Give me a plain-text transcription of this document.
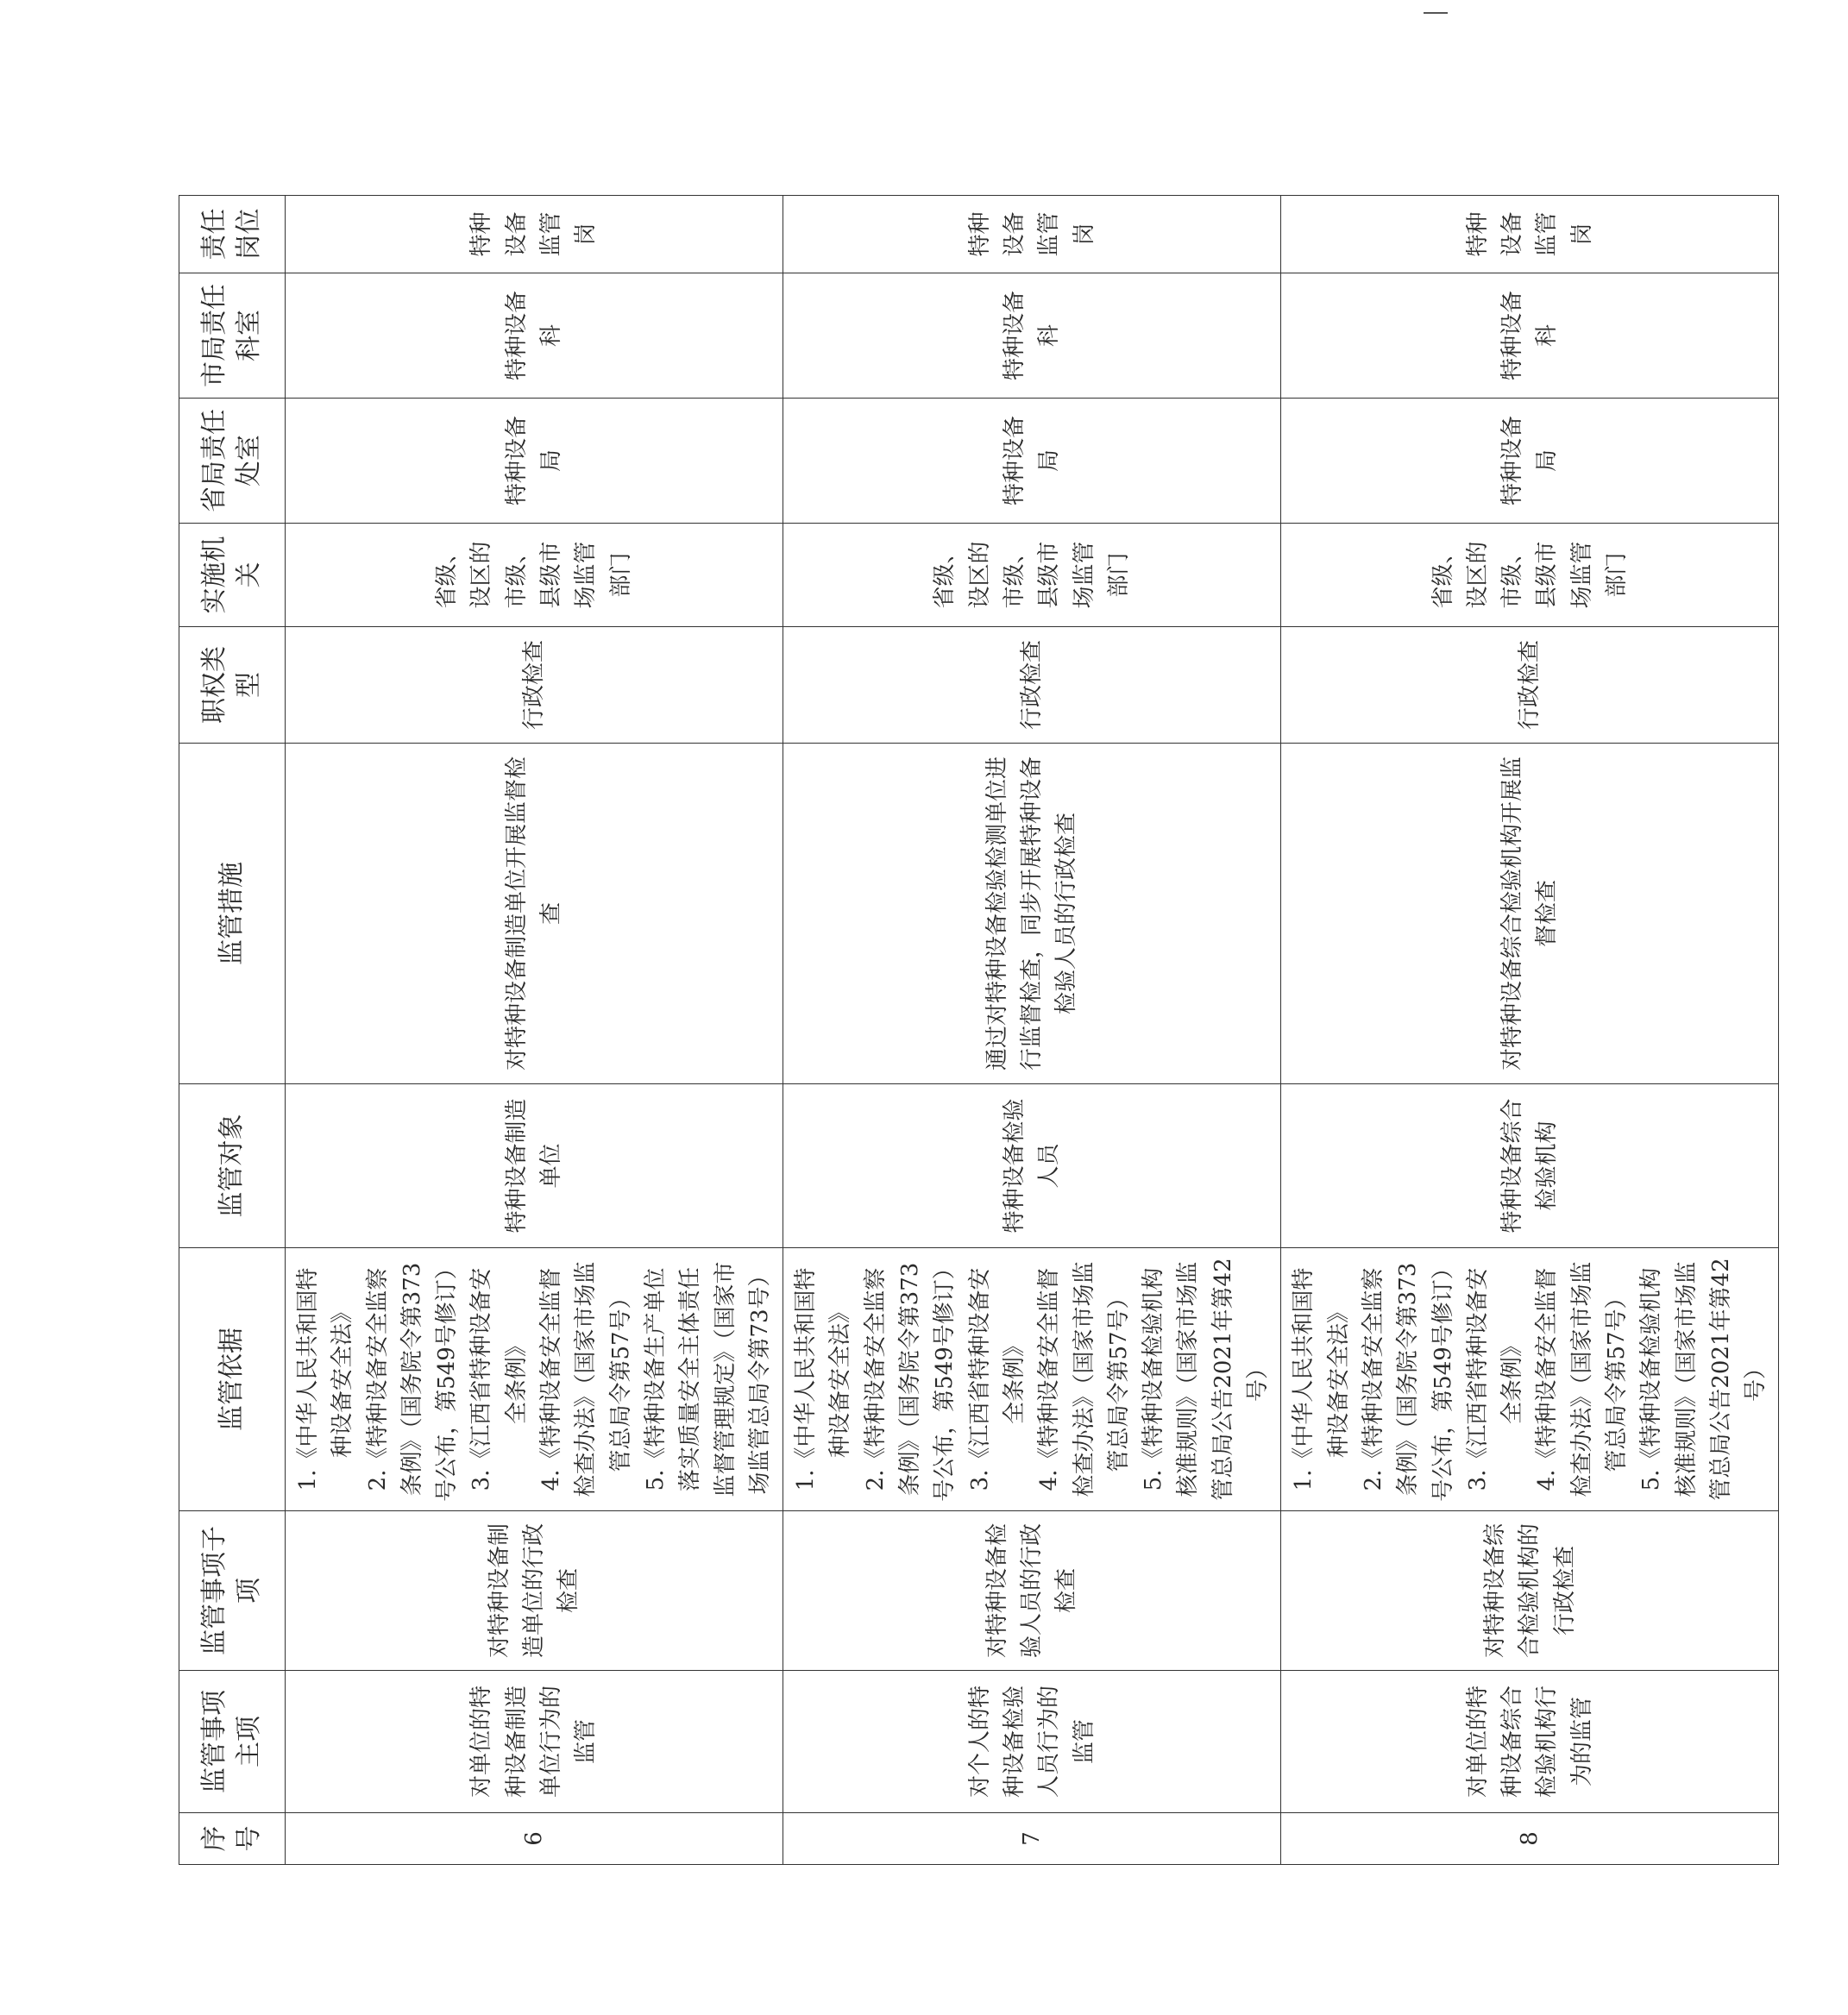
序号	监管事项主项	监管事项子项	监管依据	监管对象	监管措施	职权类型	实施机关	省局责任处室	市局责任科室	责任岗位
6	对单位的特种设备制造单位行为的监管	对特种设备制造单位的行政检查	1.《中华人民共和国特种设备安全法》 2.《特种设备安全监察条例》（国务院令第373号公布，第549号修订） 3.《江西省特种设备安全条例》 4.《特种设备安全监督检查办法》（国家市场监管总局令第57号） 5.《特种设备生产单位落实质量安全主体责任监督管理规定》（国家市场监管总局令第73号）	特种设备制造单位	对特种设备制造单位开展监督检查	行政检查	省级、设区的市级、县级市场监管部门	特种设备局	特种设备科	特种设备监管岗
7	对个人的特种设备检验人员行为的监管	对特种设备检验人员的行政检查	1.《中华人民共和国特种设备安全法》 2.《特种设备安全监察条例》（国务院令第373号公布，第549号修订） 3.《江西省特种设备安全条例》 4.《特种设备安全监督检查办法》（国家市场监管总局令第57号） 5.《特种设备检验机构核准规则》（国家市场监管总局公告2021年第42号）	特种设备检验人员	通过对特种设备检验检测单位进行监督检查，同步开展特种设备检验人员的行政检查	行政检查	省级、设区的市级、县级市场监管部门	特种设备局	特种设备科	特种设备监管岗
8	对单位的特种设备综合检验机构行为的监管	对特种设备综合检验机构的行政检查	1.《中华人民共和国特种设备安全法》 2.《特种设备安全监察条例》（国务院令第373号公布，第549号修订） 3.《江西省特种设备安全条例》 4.《特种设备安全监督检查办法》（国家市场监管总局令第57号） 5.《特种设备检验机构核准规则》（国家市场监管总局公告2021年第42号）	特种设备综合检验机构	对特种设备综合检验机构开展监督检查	行政检查	省级、设区的市级、县级市场监管部门	特种设备局	特种设备科	特种设备监管岗
